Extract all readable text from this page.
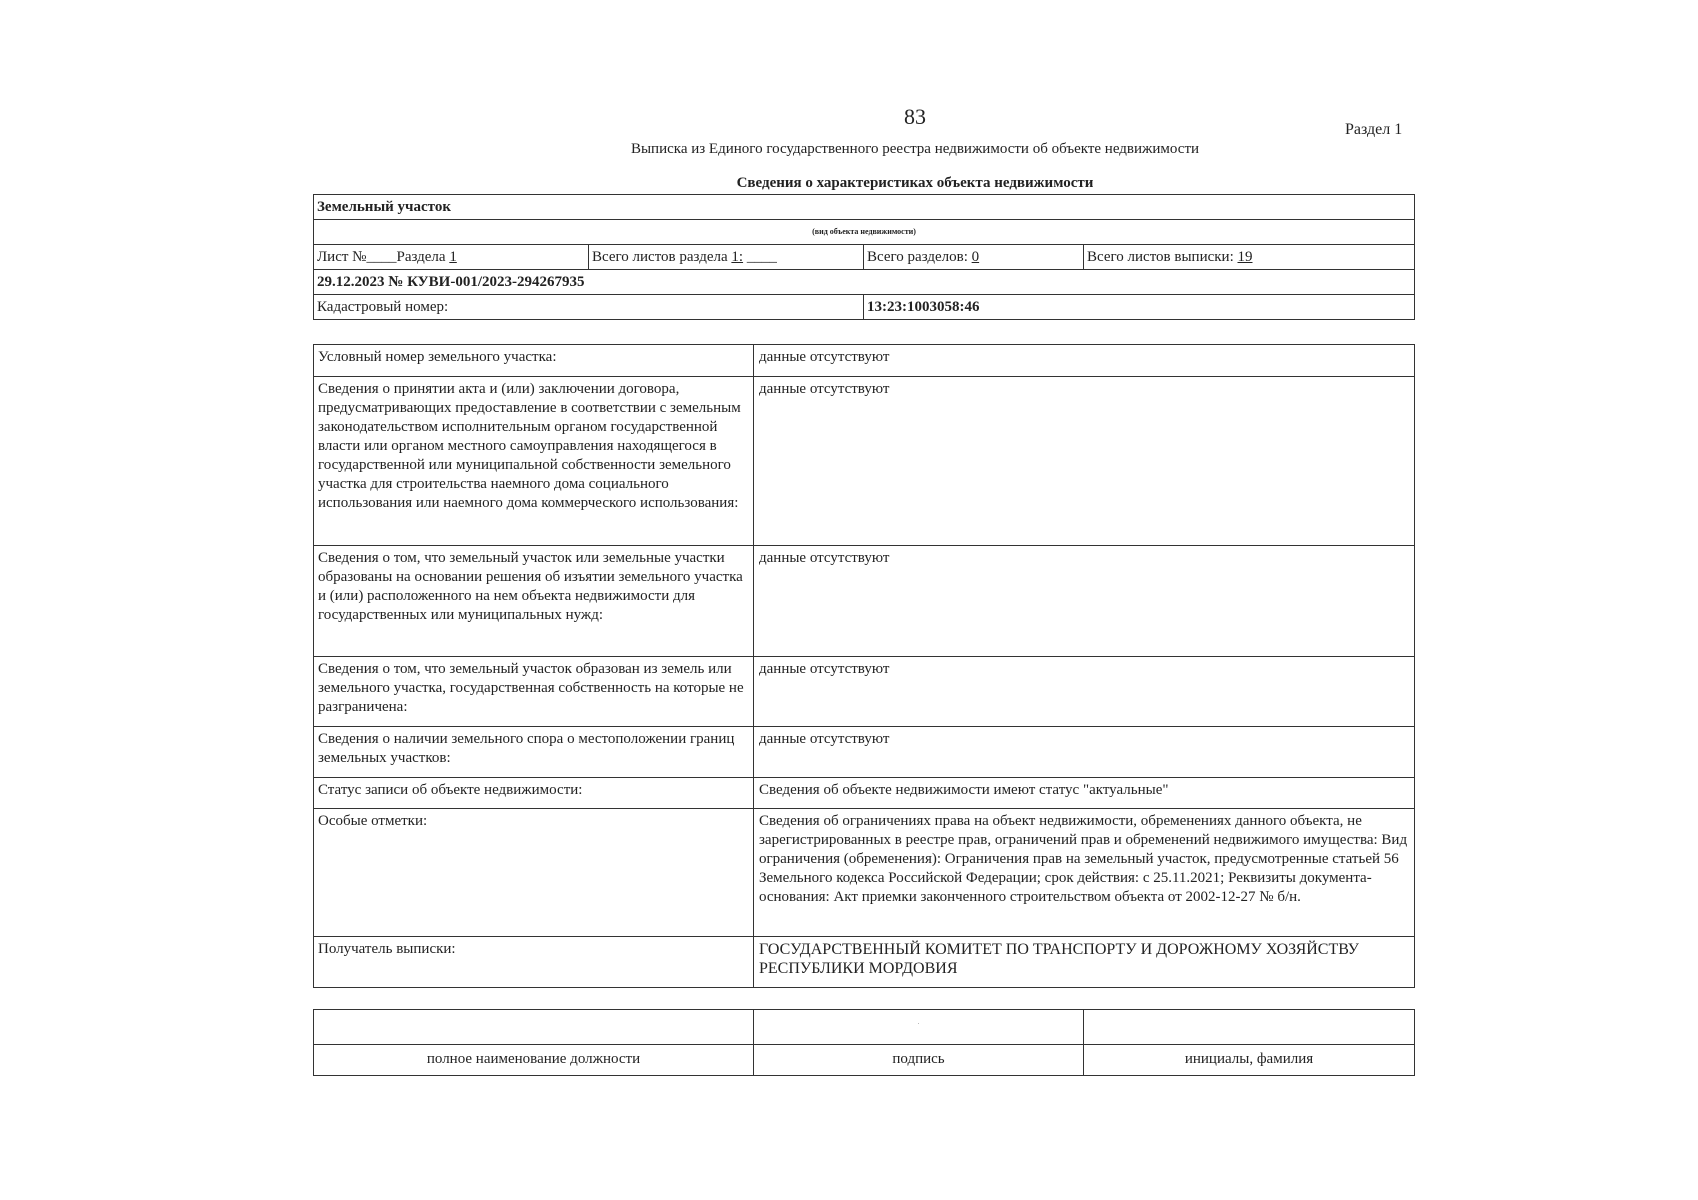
83
Раздел 1
Выписка из Единого государственного реестра недвижимости об объекте недвижимости
Сведения о характеристиках объекта недвижимости
Земельный участок			
(вид объекта недвижимости)			
Лист №____Раздела 1	Всего листов раздела 1: ____	Всего разделов: 0	Всего листов выписки: 19
29.12.2023 № КУВИ-001/2023-294267935			
Кадастровый номер:		13:23:1003058:46	
Условный номер земельного участка:	данные отсутствуют
Сведения о принятии акта и (или) заключении договора, предусматривающих предоставление в соответствии с земельным законодательством исполнительным органом государственной власти или органом местного самоуправления находящегося в государственной или муниципальной собственности земельного участка для строительства наемного дома социального использования или наемного дома коммерческого использования:	данные отсутствуют
Сведения о том, что земельный участок или земельные участки образованы на основании решения об изъятии земельного участка и (или) расположенного на нем объекта недвижимости для государственных или муниципальных нужд:	данные отсутствуют
Сведения о том, что земельный участок образован из земель или земельного участка, государственная собственность на которые не разграничена:	данные отсутствуют
Сведения о наличии земельного спора о местоположении границ земельных участков:	данные отсутствуют
Статус записи об объекте недвижимости:	Сведения об объекте недвижимости имеют статус "актуальные"
Особые отметки:	Сведения об ограничениях права на объект недвижимости, обременениях данного объекта, не зарегистрированных в реестре прав, ограничений прав и обременений недвижимого имущества: Вид ограничения (обременения): Ограничения прав на земельный участок, предусмотренные статьей 56 Земельного кодекса Российской Федерации; срок действия: с 25.11.2021; Реквизиты документа-основания: Акт приемки законченного строительством объекта от 2002-12-27 № б/н.
Получатель выписки:	ГОСУДАРСТВЕННЫЙ КОМИТЕТ ПО ТРАНСПОРТУ И ДОРОЖНОМУ ХОЗЯЙСТВУ РЕСПУБЛИКИ МОРДОВИЯ

	.	

полное наименование должности	подпись	инициалы, фамилия
